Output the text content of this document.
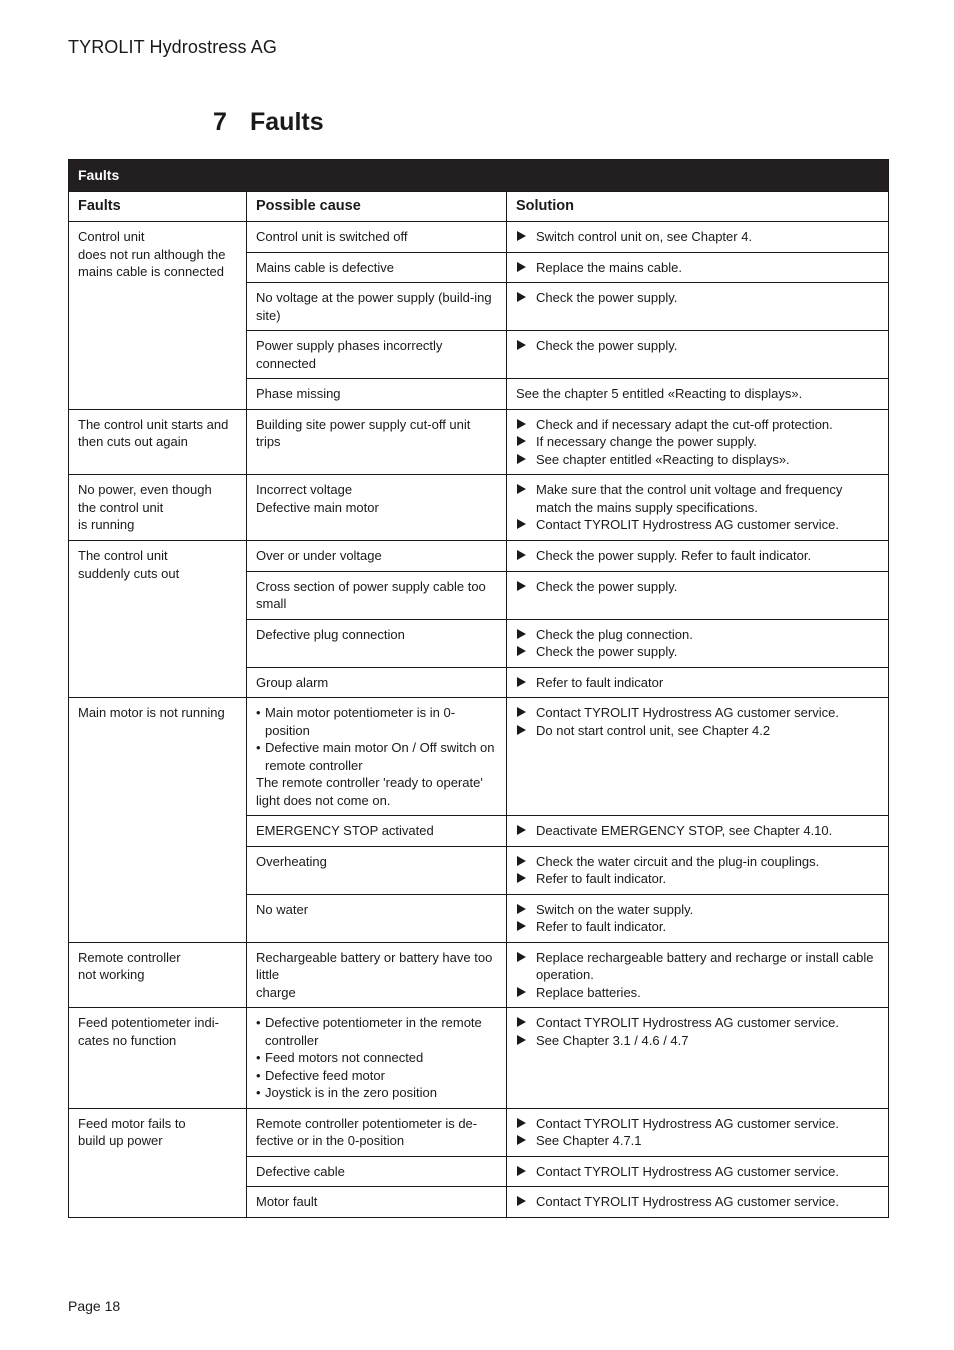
TYROLIT Hydrostress AG
7 Faults
Faults		
Faults	Possible cause	Solution

Control unit
does not run although the mains cable is connected	Control unit is switched off	Switch control unit on, see Chapter 4.

	Mains cable is defective	Replace the mains cable.

	No voltage at the power supply (build-ing site)	Check the power supply.

	Power supply phases incorrectly connected	Check the power supply.

	Phase missing	See the chapter 5 entitled «Reacting to displays».

The control unit starts and then cuts out again	Building site power supply cut-off unit trips	Check and if necessary adapt the cut-off protection.
If necessary change the power supply.
See chapter entitled «Reacting to displays».

No power, even though
the control unit
is running	Incorrect voltage
Defective main motor	Make sure that the control unit voltage and frequency match the mains supply specifications.
Contact TYROLIT Hydrostress AG customer service.

The control unit
suddenly cuts out	Over or under voltage	Check the power supply. Refer to fault indicator.

	Cross section of power supply cable too small	Check the power supply.

	Defective plug connection	Check the plug connection.
Check the power supply.

	Group alarm	Refer to fault indicator

Main motor is not running	• Main motor potentiometer is in 0-position
• Defective main motor On / Off switch on remote controller
The remote controller 'ready to operate' light does not come on.	Contact TYROLIT Hydrostress AG customer service.
Do not start control unit, see Chapter 4.2

	EMERGENCY STOP activated	Deactivate EMERGENCY STOP, see Chapter 4.10.

	Overheating	Check the water circuit and the plug-in couplings.
Refer to fault indicator.

	No water	Switch on the water supply.
Refer to fault indicator.

Remote controller
not working	Rechargeable battery or battery have too little
charge	Replace rechargeable battery and recharge or install cable operation.
Replace batteries.

Feed potentiometer indi-cates no function	• Defective potentiometer in the remote controller
• Feed motors not connected
• Defective feed motor
• Joystick is in the zero position	Contact TYROLIT Hydrostress AG customer service.
See Chapter 3.1 / 4.6 / 4.7

Feed motor fails to
build up power	Remote controller potentiometer is de-fective or in the 0-position	Contact TYROLIT Hydrostress AG customer service.
See Chapter 4.7.1

	Defective cable	Contact TYROLIT Hydrostress AG customer service.

	Motor fault	Contact TYROLIT Hydrostress AG customer service.
Page 18
